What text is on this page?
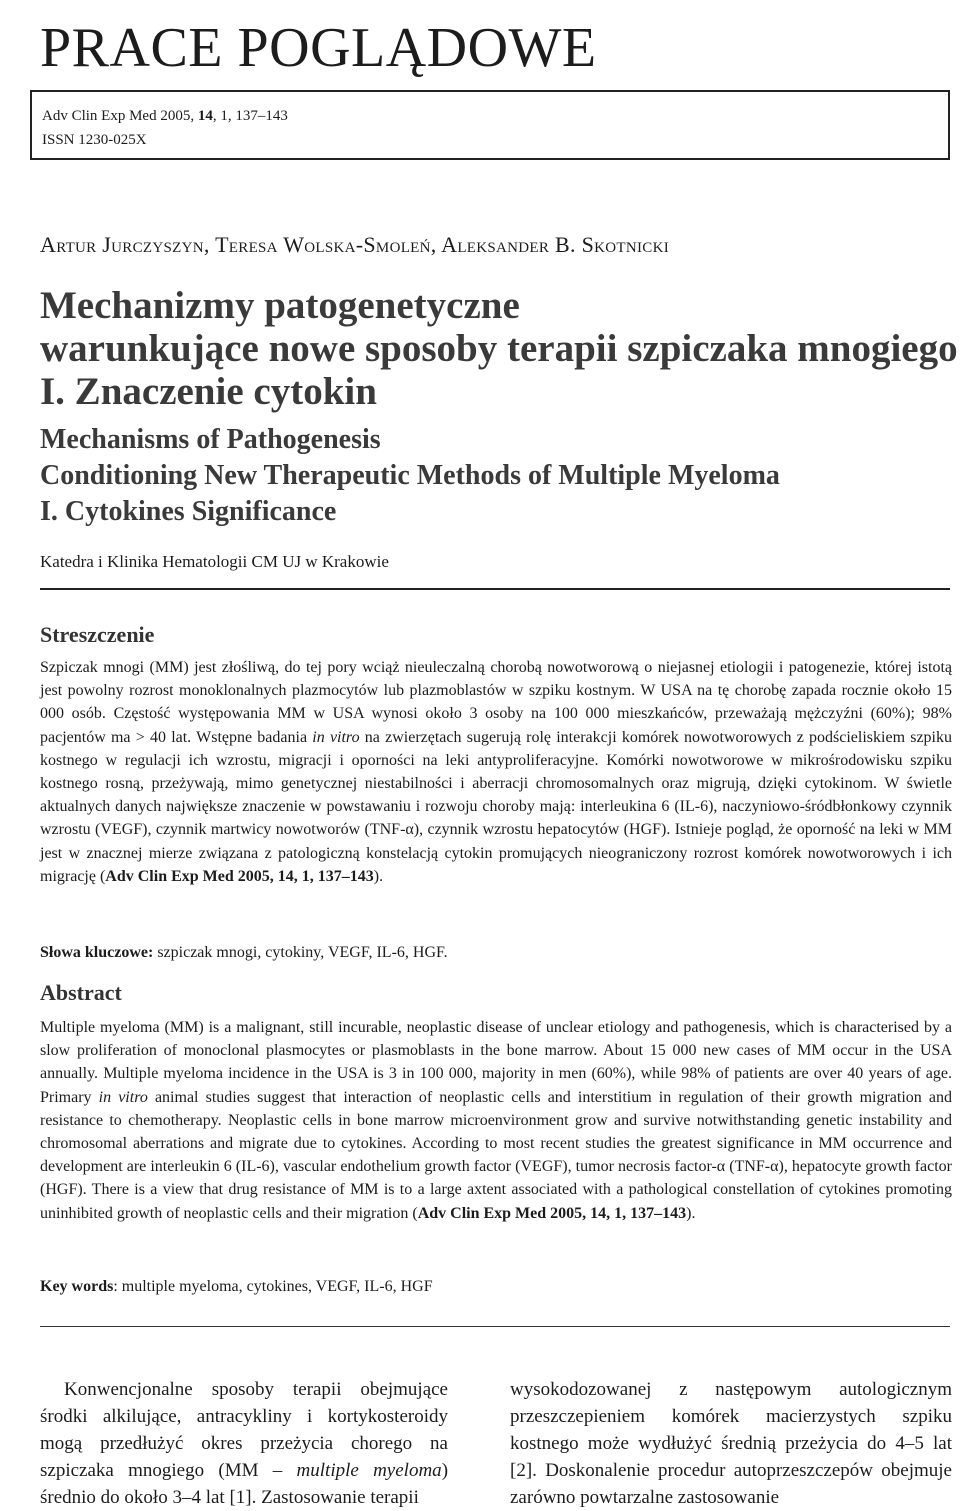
PRACE POGLĄDOWE
Adv Clin Exp Med 2005, 14, 1, 137–143
ISSN 1230-025X
Artur Jurczyszyn, Teresa Wolska-Smoleń, Aleksander B. Skotnicki
Mechanizmy patogenetyczne
warunkujące nowe sposoby terapii szpiczaka mnogiego
I. Znaczenie cytokin
Mechanisms of Pathogenesis
Conditioning New Therapeutic Methods of Multiple Myeloma
I. Cytokines Significance
Katedra i Klinika Hematologii CM UJ w Krakowie
Streszczenie
Szpiczak mnogi (MM) jest złośliwą, do tej pory wciąż nieuleczalną chorobą nowotworową o niejasnej etiologii i patogenezie, której istotą jest powolny rozrost monoklonalnych plazmocytów lub plazmoblastów w szpiku kostnym. W USA na tę chorobę zapada rocznie około 15 000 osób. Częstość występowania MM w USA wynosi około 3 osoby na 100 000 mieszkańców, przeważają mężczyźni (60%); 98% pacjentów ma > 40 lat. Wstępne badania in vitro na zwierzętach sugerują rolę interakcji komórek nowotworowych z podścieliskiem szpiku kostnego w regulacji ich wzrostu, migracji i oporności na leki antyproliferacyjne. Komórki nowotworowe w mikrośrodowisku szpiku kostnego rosną, przeżywają, mimo genetycznej niestabilności i aberracji chromosomalnych oraz migrują, dzięki cytokinom. W świetle aktualnych danych największe znaczenie w powstawaniu i rozwoju choroby mają: interleukina 6 (IL-6), naczyniowo-śródbłonkowy czynnik wzrostu (VEGF), czynnik martwicy nowotworów (TNF-α), czynnik wzrostu hepatocytów (HGF). Istnieje pogląd, że oporność na leki w MM jest w znacznej mierze związana z patologiczną konstelacją cytokin promujących nieograniczony rozrost komórek nowotworowych i ich migrację (Adv Clin Exp Med 2005, 14, 1, 137–143).
Słowa kluczowe: szpiczak mnogi, cytokiny, VEGF, IL-6, HGF.
Abstract
Multiple myeloma (MM) is a malignant, still incurable, neoplastic disease of unclear etiology and pathogenesis, which is characterised by a slow proliferation of monoclonal plasmocytes or plasmoblasts in the bone marrow. About 15 000 new cases of MM occur in the USA annually. Multiple myeloma incidence in the USA is 3 in 100 000, majority in men (60%), while 98% of patients are over 40 years of age. Primary in vitro animal studies suggest that interaction of neoplastic cells and interstitium in regulation of their growth migration and resistance to chemotherapy. Neoplastic cells in bone marrow microenvironment grow and survive notwithstanding genetic instability and chromosomal aberrations and migrate due to cytokines. According to most recent studies the greatest significance in MM occurrence and development are interleukin 6 (IL-6), vascular endothelium growth factor (VEGF), tumor necrosis factor-α (TNF-α), hepatocyte growth factor (HGF). There is a view that drug resistance of MM is to a large axtent associated with a pathological constellation of cytokines promoting uninhibited growth of neoplastic cells and their migration (Adv Clin Exp Med 2005, 14, 1, 137–143).
Key words: multiple myeloma, cytokines, VEGF, IL-6, HGF
Konwencjonalne sposoby terapii obejmujące środki alkilujące, antracykliny i kortykosteroidy mogą przedłużyć okres przeżycia chorego na szpiczaka mnogiego (MM – multiple myeloma) średnio do około 3–4 lat [1]. Zastosowanie terapii
wysokodozowanej z następowym autologicznym przeszczepieniem komórek macierzystych szpiku kostnego może wydłużyć średnią przeżycia do 4–5 lat [2]. Doskonalenie procedur autoprzeszczepów obejmuje zarówno powtarzalne zastosowanie
